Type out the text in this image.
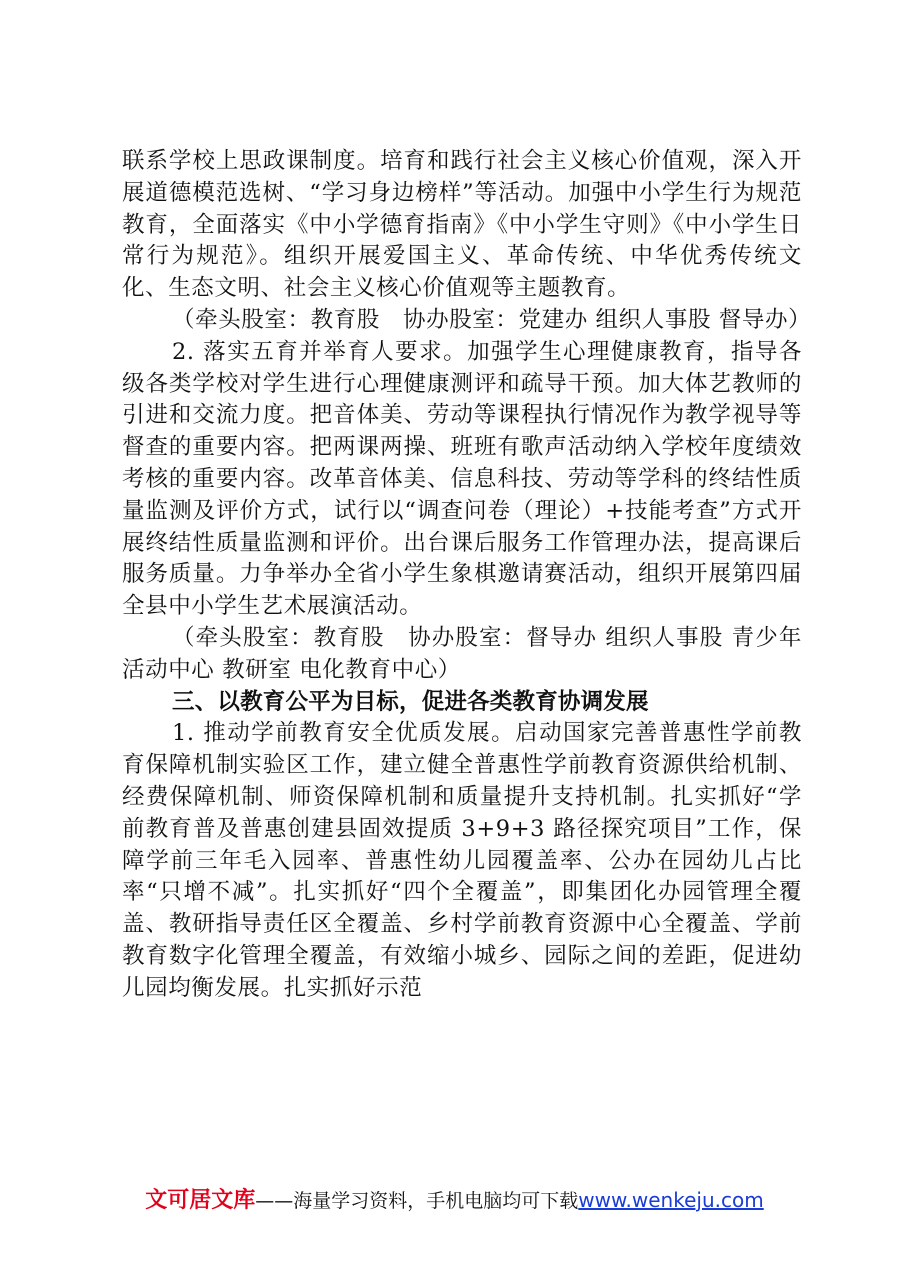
联系学校上思政课制度。培育和践行社会主义核心价值观，深入开展道德模范选树、“学习身边榜样”等活动。加强中小学生行为规范教育，全面落实《中小学德育指南》《中小学生守则》《中小学生日常行为规范》。组织开展爱国主义、革命传统、中华优秀传统文化、生态文明、社会主义核心价值观等主题教育。

（牵头股室：教育股　协办股室：党建办 组织人事股 督导办）

2. 落实五育并举育人要求。加强学生心理健康教育，指导各级各类学校对学生进行心理健康测评和疏导干预。加大体艺教师的引进和交流力度。把音体美、劳动等课程执行情况作为教学视导等督查的重要内容。把两课两操、班班有歌声活动纳入学校年度绩效考核的重要内容。改革音体美、信息科技、劳动等学科的终结性质量监测及评价方式，试行以“调查问卷（理论）+技能考查”方式开展终结性质量监测和评价。出台课后服务工作管理办法，提高课后服务质量。力争举办全省小学生象棋邀请赛活动，组织开展第四届全县中小学生艺术展演活动。

（牵头股室：教育股　协办股室：督导办 组织人事股 青少年活动中心 教研室 电化教育中心）

三、以教育公平为目标，促进各类教育协调发展

1. 推动学前教育安全优质发展。启动国家完善普惠性学前教育保障机制实验区工作，建立健全普惠性学前教育资源供给机制、经费保障机制、师资保障机制和质量提升支持机制。扎实抓好“学前教育普及普惠创建县固效提质 3+9+3 路径探究项目”工作，保障学前三年毛入园率、普惠性幼儿园覆盖率、公办在园幼儿占比率“只增不减”。扎实抓好“四个全覆盖”，即集团化办园管理全覆盖、教研指导责任区全覆盖、乡村学前教育资源中心全覆盖、学前教育数字化管理全覆盖，有效缩小城乡、园际之间的差距，促进幼儿园均衡发展。扎实抓好示范

文可居文库——海量学习资料，手机电脑均可下载www.wenkeju.com
